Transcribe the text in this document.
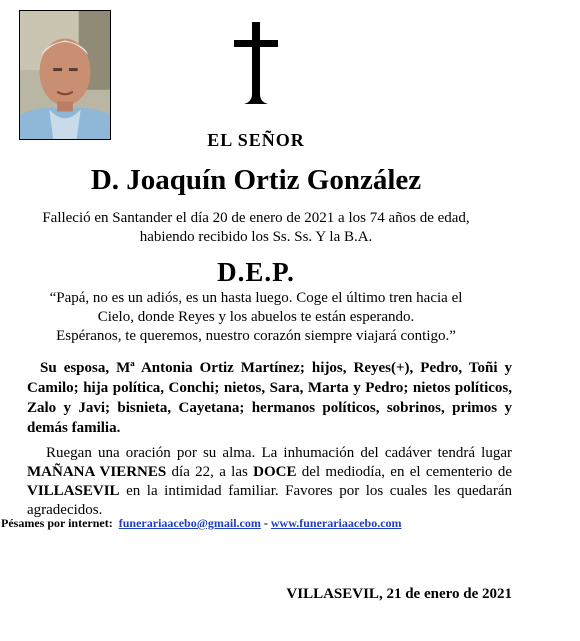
EL SEÑOR
D. Joaquín Ortiz González
Falleció en Santander el día 20 de enero de 2021 a los 74 años de edad,
habiendo recibido los Ss. Ss. Y la B.A.
D.E.P.
“Papá, no es un adiós, es un hasta luego. Coge el último tren hacia el
Cielo, donde Reyes y los abuelos te están esperando.
Espéranos, te queremos, nuestro corazón siempre viajará contigo.”
Su esposa, Mª Antonia Ortiz Martínez; hijos, Reyes(+), Pedro, Toñi y Camilo; hija política, Conchi; nietos, Sara, Marta y Pedro; nietos políticos, Zalo y Javi; bisnieta, Cayetana; hermanos políticos, sobrinos, primos y demás familia.
Ruegan una oración por su alma. La inhumación del cadáver tendrá lugar MAÑANA VIERNES día 22, a las DOCE del mediodía, en el cementerio de VILLASEVIL en la intimidad familiar. Favores por los cuales les quedarán agradecidos.
Pésames por internet: funerariaacebo@gmail.com - www.funerariaacebo.com
VILLASEVIL, 21 de enero de 2021
